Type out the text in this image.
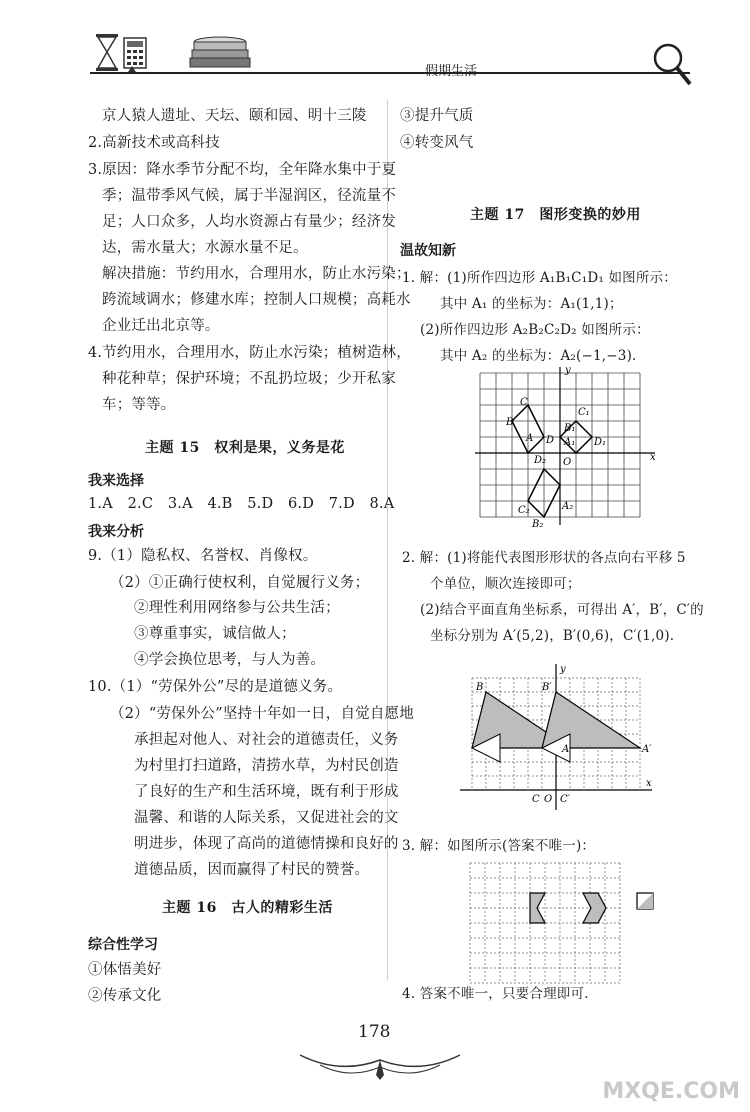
假期生活
京人猿人遗址、天坛、颐和园、明十三陵
2.高新技术或高科技
3.原因：降水季节分配不均，全年降水集中于夏
季；温带季风气候，属于半湿润区，径流量不
足；人口众多，人均水资源占有量少；经济发
达，需水量大；水源水量不足。
解决措施：节约用水，合理用水，防止水污染；
跨流域调水；修建水库；控制人口规模；高耗水
企业迁出北京等。
4.节约用水，合理用水，防止水污染；植树造林，
种花种草；保护环境；不乱扔垃圾；少开私家
车；等等。
主题 15　权利是果，义务是花
我来选择
1.A　2.C　3.A　4.B　5.D　6.D　7.D　8.A
我来分析
9.（1）隐私权、名誉权、肖像权。
（2）①正确行使权利，自觉履行义务；
②理性利用网络参与公共生活；
③尊重事实，诚信做人；
④学会换位思考，与人为善。
10.（1）“劳保外公”尽的是道德义务。
（2）“劳保外公”坚持十年如一日，自觉自愿地
承担起对他人、对社会的道德责任，义务
为村里打扫道路，清捞水草，为村民创造
了良好的生产和生活环境，既有利于形成
温馨、和谐的人际关系，又促进社会的文
明进步，体现了高尚的道德情操和良好的
道德品质，因而赢得了村民的赞誉。
主题 16　古人的精彩生活
综合性学习
①体悟美好
②传承文化
③提升气质
④转变风气
主题 17　图形变换的妙用
温故知新
1. 解：(1)所作四边形 A₁B₁C₁D₁ 如图所示：
其中 A₁ 的坐标为：A₁(1,1)；
(2)所作四边形 A₂B₂C₂D₂ 如图所示：
其中 A₂ 的坐标为：A₂(−1,−3).
y
x
O
B
C
D
A
C₁
B₁
A₁ D₁
D₂
C₂	A₂
B₂
2. 解：(1)将能代表图形形状的各点向右平移 5
个单位，顺次连接即可；
(2)结合平面直角坐标系，可得出 A′，B′，C′的
坐标分别为 A′(5,2)，B′(0,6)，C′(1,0).
y
x
O
B	B′
A	A′
C C′
3. 解：如图所示(答案不唯一)：
4. 答案不唯一，只要合理即可.
178
MXQE.COM
